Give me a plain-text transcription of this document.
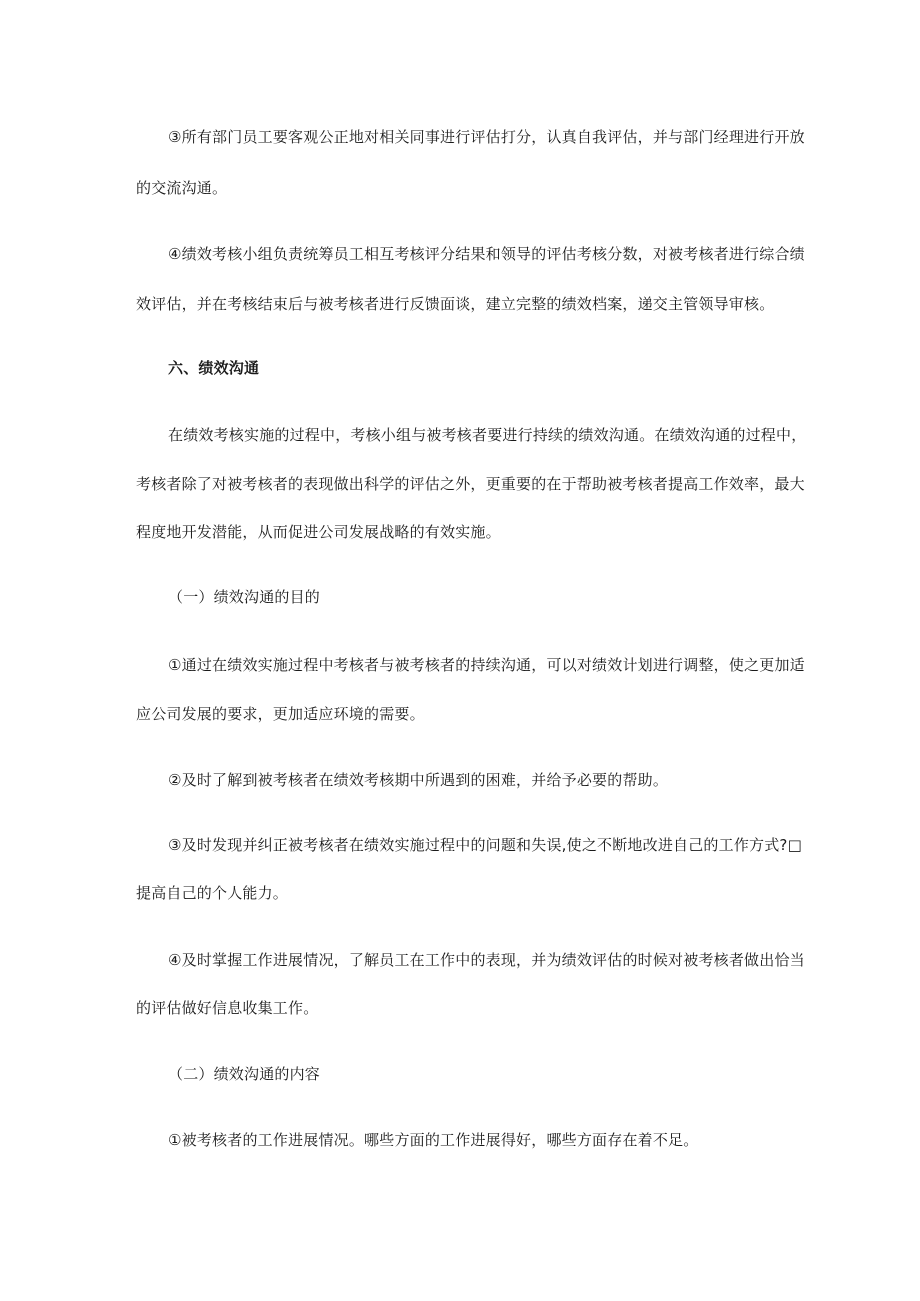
③所有部门员工要客观公正地对相关同事进行评估打分，认真自我评估，并与部门经理进行开放
的交流沟通。
④绩效考核小组负责统筹员工相互考核评分结果和领导的评估考核分数，对被考核者进行综合绩
效评估，并在考核结束后与被考核者进行反馈面谈，建立完整的绩效档案，递交主管领导审核。
六、绩效沟通
在绩效考核实施的过程中，考核小组与被考核者要进行持续的绩效沟通。在绩效沟通的过程中，
考核者除了对被考核者的表现做出科学的评估之外，更重要的在于帮助被考核者提高工作效率，最大
程度地开发潜能，从而促进公司发展战略的有效实施。
（一）绩效沟通的目的
①通过在绩效实施过程中考核者与被考核者的持续沟通，可以对绩效计划进行调整，使之更加适
应公司发展的要求，更加适应环境的需要。
②及时了解到被考核者在绩效考核期中所遇到的困难，并给予必要的帮助。
③及时发现并纠正被考核者在绩效实施过程中的问题和失误,使之不断地改进自己的工作方式?□
提高自己的个人能力。
④及时掌握工作进展情况，了解员工在工作中的表现，并为绩效评估的时候对被考核者做出恰当
的评估做好信息收集工作。
（二）绩效沟通的内容
①被考核者的工作进展情况。哪些方面的工作进展得好，哪些方面存在着不足。
